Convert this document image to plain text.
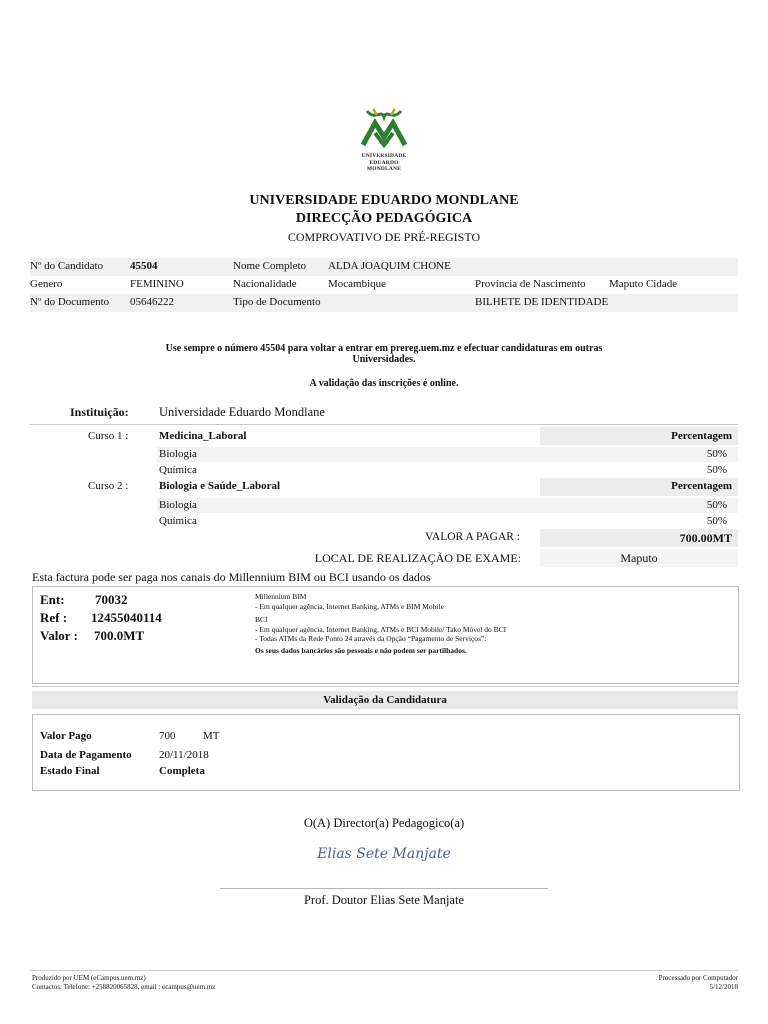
UNIVERSIDADE
EDUARDO
MONDLANE
UNIVERSIDADE EDUARDO MONDLANE
DIRECÇÃO PEDAGÓGICA
COMPROVATIVO DE PRÉ-REGISTO
Nº do Candidato 45504	Nome Completo ALDA JOAQUIM CHONE
Genero	FEMININO	Nacionalidade	Mocambique	Província de Nascimento Maputo Cidade
Nº do Documento 05646222	Tipo de Documento	BILHETE DE IDENTIDADE
Use sempre o número 45504 para voltar a entrar em prereg.uem.mz e efectuar candidaturas em outras
Universidades.
A validação das inscrições é online.
Instituição: Universidade Eduardo Mondlane
Curso 1 :	Medicina_Laboral	Percentagem
Biologia	50%
Química	50%
Curso 2 :	Biologia e Saúde_Laboral	Percentagem
Biologia	50%
Química	50%
VALOR A PAGAR :	700.00MT
LOCAL DE REALIZAÇÃO DE EXAME:	Maputo
Esta factura pode ser paga nos canais do Millennium BIM ou BCI usando os dados
Ent: 70032
Ref : 12455040114
Valor : 700.0MT
Millennium BIM
- Em qualquer agência, Internet Banking, ATMs e BIM Mobile
BCI
- Em qualquer agência, Internet Banking, ATMs e BCI Mobile/ Tako Móvel do BCI
- Todas ATMs da Rede Ponto 24 através da Opção “Pagamento de Serviços”:
Os seus dados bancários são pessoais e não podem ser partilhados.
Validação da Candidatura
Valor Pago	700	MT
Data de Pagamento 20/11/2018
Estado Final	Completa
O(A) Director(a) Pedagogico(a)
Elias Sete Manjate
Prof. Doutor Elias Sete Manjate
Produzido por UEM (eCampus.uem.mz)
Contactos: Telefone: +258820065828, email : ecampus@uem.mz
Processado por Computador
5/12/2018
